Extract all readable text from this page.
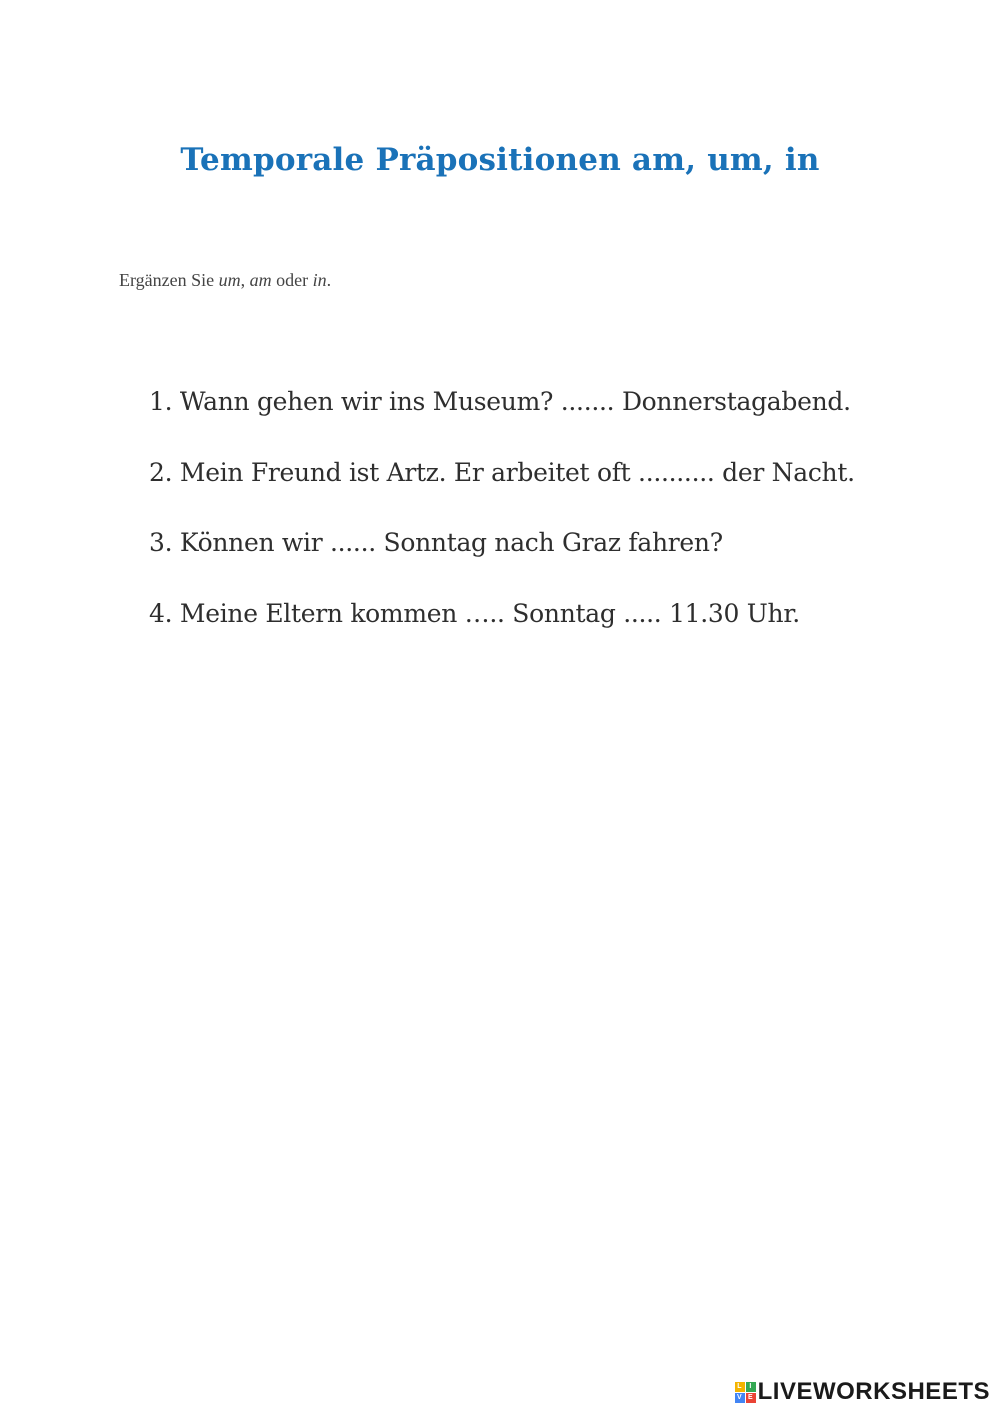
Temporale Präpositionen am, um, in

Ergänzen Sie um, am oder in.

1. Wann gehen wir ins Museum? ....... Donnerstagabend.
2. Mein Freund ist Artz. Er arbeitet oft .......... der Nacht.
3. Können wir ...... Sonntag nach Graz fahren?
4. Meine Eltern kommen ….. Sonntag ..... 11.30 Uhr.
L	I
V E LIVEWORKSHEETS
